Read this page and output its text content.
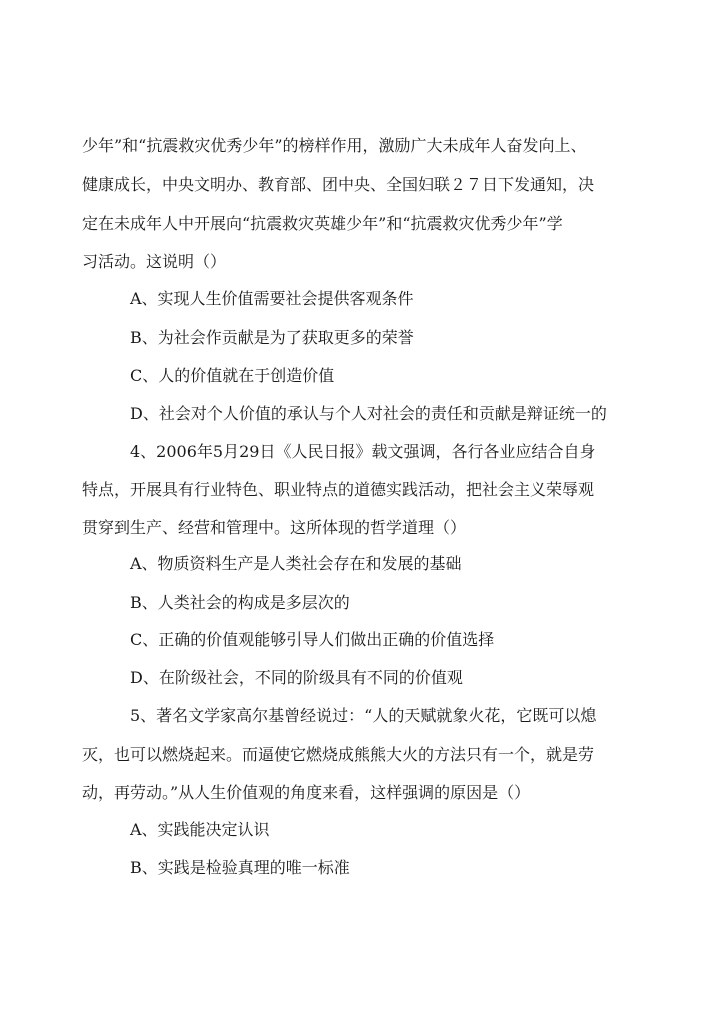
少年”和“抗震救灾优秀少年”的榜样作用，激励广大未成年人奋发向上、
健康成长，中央文明办、教育部、团中央、全国妇联２７日下发通知，决
定在未成年人中开展向“抗震救灾英雄少年”和“抗震救灾优秀少年”学
习活动。这说明（）
A、实现人生价值需要社会提供客观条件
B、为社会作贡献是为了获取更多的荣誉
C、人的价值就在于创造价值
D、社会对个人价值的承认与个人对社会的责任和贡献是辩证统一的
4、2006年5月29日《人民日报》载文强调，各行各业应结合自身
特点，开展具有行业特色、职业特点的道德实践活动，把社会主义荣辱观
贯穿到生产、经营和管理中。这所体现的哲学道理（）
A、物质资料生产是人类社会存在和发展的基础
B、人类社会的构成是多层次的
C、正确的价值观能够引导人们做出正确的价值选择
D、在阶级社会，不同的阶级具有不同的价值观
5、著名文学家高尔基曾经说过：“人的天赋就象火花，它既可以熄
灭，也可以燃烧起来。而逼使它燃烧成熊熊大火的方法只有一个，就是劳
动，再劳动。”从人生价值观的角度来看，这样强调的原因是（）
A、实践能决定认识
B、实践是检验真理的唯一标准
